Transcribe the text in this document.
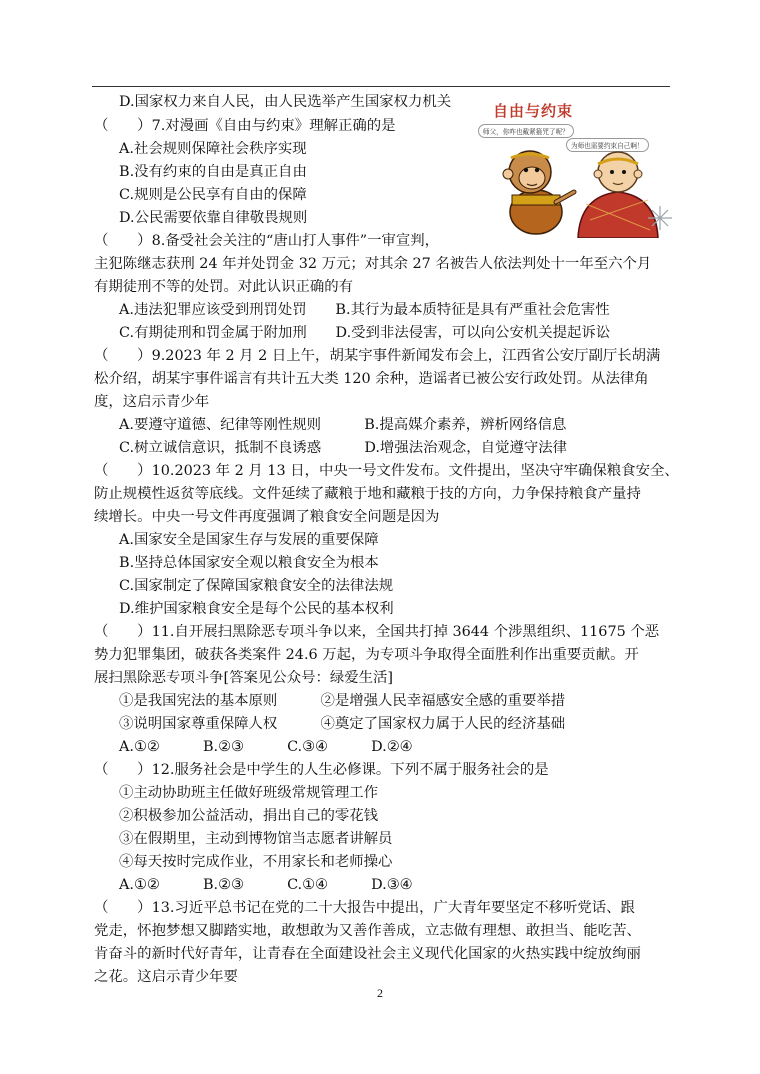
D.国家权力来自人民，由人民选举产生国家权力机关
（　　）7.对漫画《自由与约束》理解正确的是
A.社会规则保障社会秩序实现
B.没有约束的自由是真正自由
C.规则是公民享有自由的保障
D.公民需要依靠自律敬畏规则
（　　）8.备受社会关注的“唐山打人事件”一审宣判，
主犯陈继志获刑 24 年并处罚金 32 万元；对其余 27 名被告人依法判处十一年至六个月
有期徒刑不等的处罚。对此认识正确的有
A.违法犯罪应该受到刑罚处罚　　B.其行为最本质特征是具有严重社会危害性
C.有期徒刑和罚金属于附加刑　　D.受到非法侵害，可以向公安机关提起诉讼
（　　）9.2023 年 2 月 2 日上午，胡某宇事件新闻发布会上，江西省公安厅副厅长胡满
松介绍，胡某宇事件谣言有共计五大类 120 余种，造谣者已被公安行政处罚。从法律角
度，这启示青少年
A.要遵守道德、纪律等刚性规则　　　B.提高媒介素养，辨析网络信息
C.树立诚信意识，抵制不良诱惑　　　D.增强法治观念，自觉遵守法律
（　　）10.2023 年 2 月 13 日，中央一号文件发布。文件提出，坚决守牢确保粮食安全、
防止规模性返贫等底线。文件延续了藏粮于地和藏粮于技的方向，力争保持粮食产量持
续增长。中央一号文件再度强调了粮食安全问题是因为
A.国家安全是国家生存与发展的重要保障
B.坚持总体国家安全观以粮食安全为根本
C.国家制定了保障国家粮食安全的法律法规
D.维护国家粮食安全是每个公民的基本权利
（　　）11.自开展扫黑除恶专项斗争以来，全国共打掉 3644 个涉黑组织、11675 个恶
势力犯罪集团，破获各类案件 24.6 万起，为专项斗争取得全面胜利作出重要贡献。开
展扫黑除恶专项斗争[答案见公众号：绿爱生活]
①是我国宪法的基本原则　　　②是增强人民幸福感安全感的重要举措
③说明国家尊重保障人权　　　④奠定了国家权力属于人民的经济基础
A.①②　　　B.②③　　　C.③④　　　D.②④
（　　）12.服务社会是中学生的人生必修课。下列不属于服务社会的是
①主动协助班主任做好班级常规管理工作
②积极参加公益活动，捐出自己的零花钱
③在假期里，主动到博物馆当志愿者讲解员
④每天按时完成作业，不用家长和老师操心
A.①②　　　B.②③　　　C.①④　　　D.③④
（　　）13.习近平总书记在党的二十大报告中提出，广大青年要坚定不移听党话、跟
党走，怀抱梦想又脚踏实地，敢想敢为又善作善成，立志做有理想、敢担当、能吃苦、
肯奋斗的新时代好青年，让青春在全面建设社会主义现代化国家的火热实践中绽放绚丽
之花。这启示青少年要
自由与约束
师父，你咋也戴紧箍咒了呢？
为师也需要约束自己啊！
2
